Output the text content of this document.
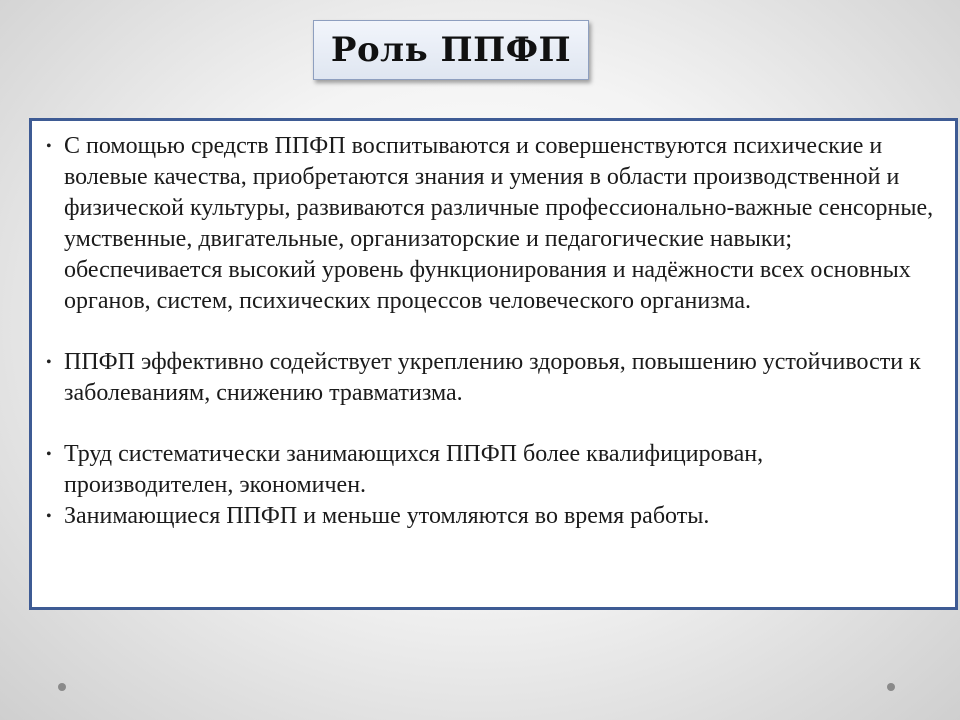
Роль ППФП
• С помощью средств ППФП воспитываются и совершенствуются психические и волевые качества, приобретаются знания и умения в области производственной и физической культуры, развиваются различные профессионально-важные сенсорные, умственные, двигательные, организаторские и педагогические навыки; обеспечивается высокий уровень функционирования и надёжности всех основных органов, систем, психических процессов человеческого организма.
• ППФП эффективно содействует укреплению здоровья, повышению устойчивости к заболеваниям, снижению травматизма.
• Труд систематически занимающихся ППФП более квалифицирован, производителен, экономичен.
• Занимающиеся ППФП и меньше утомляются во время работы.
